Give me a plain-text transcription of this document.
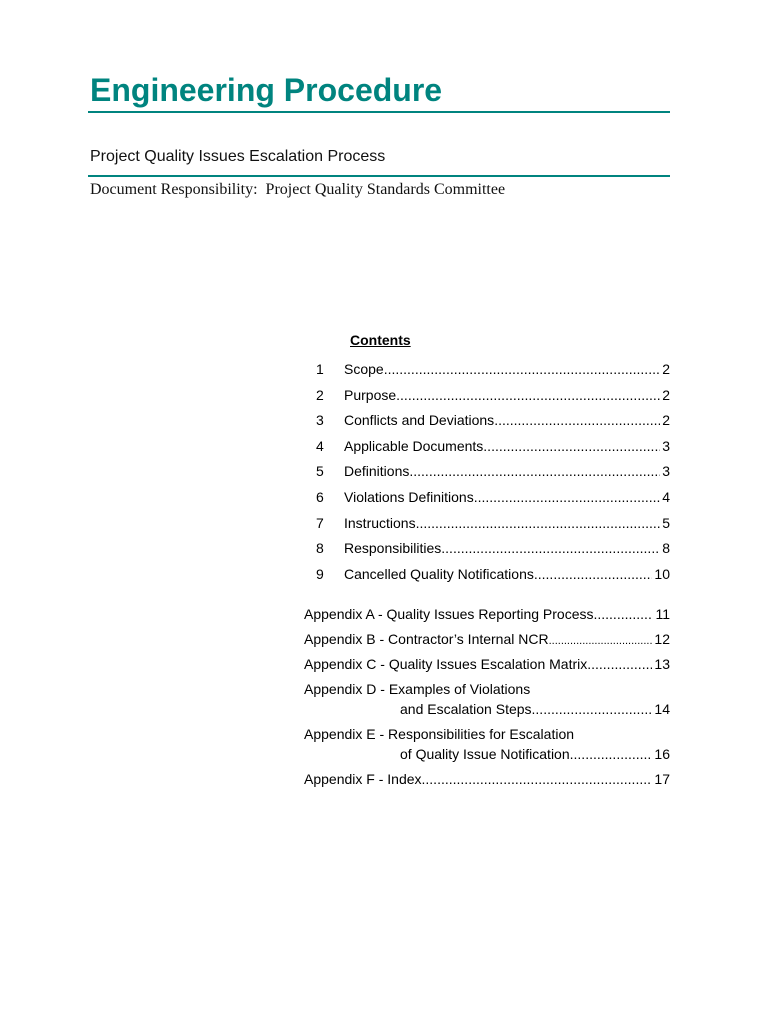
Engineering Procedure
Project Quality Issues Escalation Process
Document Responsibility:  Project Quality Standards Committee
Contents
1	Scope .....	2
2	Purpose .....	2
3	Conflicts and Deviations .....	2
4	Applicable Documents .....	3
5	Definitions .....	3
6	Violations Definitions .....	4
7	Instructions .....	5
8	Responsibilities .....	8
9	Cancelled Quality Notifications .....	10
Appendix A - Quality Issues Reporting Process .....	11
Appendix B - Contractor’s Internal NCR .....	12
Appendix C - Quality Issues Escalation Matrix .....	13
Appendix D - Examples of Violations
and Escalation Steps .....	14
Appendix E - Responsibilities for Escalation
of Quality Issue Notification .....	16
Appendix F - Index .....	17
